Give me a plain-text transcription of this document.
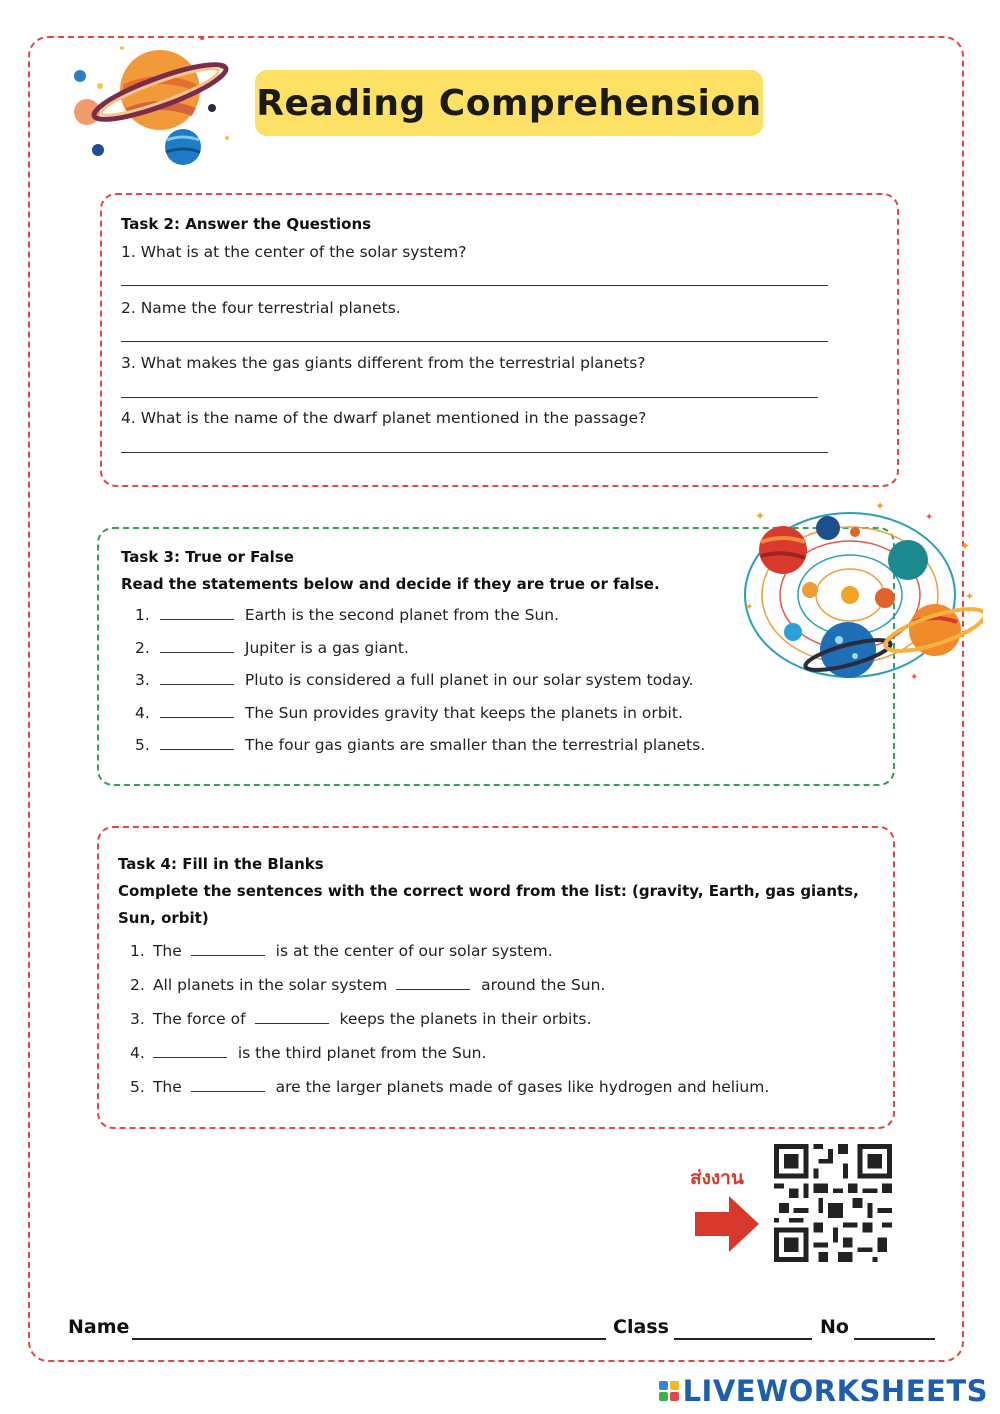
Reading Comprehension
Task 2: Answer the Questions
1. What is at the center of the solar system?
2. Name the four terrestrial planets.
3. What makes the gas giants different from the terrestrial planets?
4. What is the name of the dwarf planet mentioned in the passage?
Task 3: True or False
Read the statements below and decide if they are true or false.
1.	Earth is the second planet from the Sun.
2.	Jupiter is a gas giant.
3.	Pluto is considered a full planet in our solar system today.
4.	The Sun provides gravity that keeps the planets in orbit.
5.	The four gas giants are smaller than the terrestrial planets.
✦
✦
✦
✦
✦
✦
✦
Task 4: Fill in the Blanks
Complete the sentences with the correct word from the list: (gravity, Earth, gas giants, Sun, orbit)
1. The	is at the center of our solar system.
2. All planets in the solar system	around the Sun.
3. The force of	keeps the planets in their orbits.
4.	is the third planet from the Sun.
5. The	are the larger planets made of gases like hydrogen and helium.
ส่งงาน
Name	Class	No
LIVEWORKSHEETS
